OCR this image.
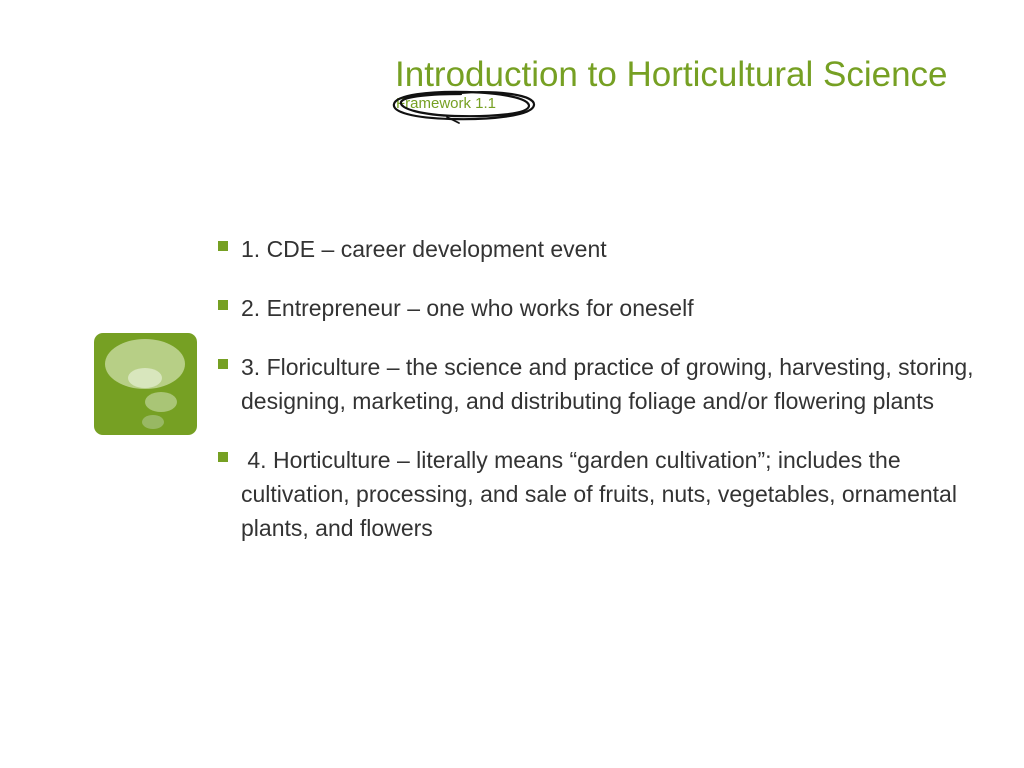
Introduction to Horticultural Science
Framework 1.1
1. CDE – career development event
2. Entrepreneur – one who works for oneself
3. Floriculture – the science and practice of growing, harvesting, storing, designing, marketing, and distributing foliage and/or flowering plants
4. Horticulture – literally means “garden cultivation”; includes the cultivation, processing, and sale of fruits, nuts, vegetables, ornamental plants, and flowers
